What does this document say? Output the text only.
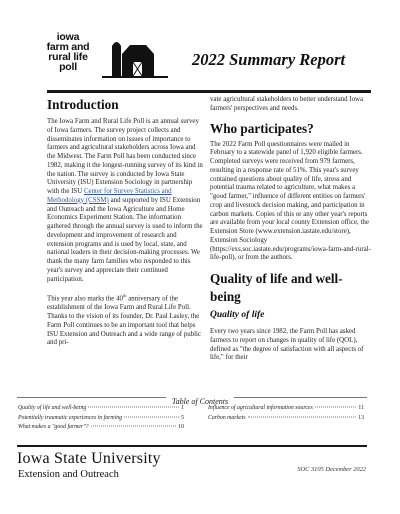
iowa
farm and
rural life
poll	2022 Summary Report
Introduction

The Iowa Farm and Rural Life Poll is an annual survey of Iowa farmers. The survey project collects and disseminates information on issues of importance to farmers and agricultural stakeholders across Iowa and the Midwest. The Farm Poll has been conducted since 1982, making it the longest-running survey of its kind in the nation. The survey is conducted by Iowa State University (ISU) Extension Sociology in partnership with the ISU Center for Survey Statistics and Methodology (CSSM) and supported by ISU Extension and Outreach and the Iowa Agriculture and Home Economics Experiment Station. The information gathered through the annual survey is used to inform the development and improvement of research and extension programs and is used by local, state, and national leaders in their decision-making processes. We thank the many farm families who responded to this year's survey and appreciate their continued participation.

This year also marks the 40th anniversary of the establishment of the Iowa Farm and Rural Life Poll. Thanks to the vision of its founder, Dr. Paul Lasley, the Farm Poll continues to be an important tool that helps ISU Extension and Outreach and a wide range of public and pri-

vate agricultural stakeholders to better understand Iowa farmers' perspectives and needs.

Who participates?

The 2022 Farm Poll questionnaires were mailed in February to a statewide panel of 1,920 eligible farmers. Completed surveys were received from 979 farmers, resulting in a response rate of 51%. This year's survey contained questions about quality of life, stress and potential trauma related to agriculture, what makes a "good farmer," influence of different entities on farmers' crop and livestock decision making, and participation in carbon markets. Copies of this or any other year's reports are available from your local county Extension office, the Extension Store (www.extension.iastate.edu/store), Extension Sociology (https://exs.soc.iastate.edu/programs/iowa-farm-and-rural-life-poll), or from the authors.

Quality of life and well-being
Quality of life

Every two years since 1982, the Farm Poll has asked farmers to report on changes in quality of life (QOL), defined as "the degree of satisfaction with all aspects of life," for their

Table of Contents
Quality of life and well-being	1
Potentially traumatic experiences in farming	5
What makes a "good farmer"?	10
Influence of agricultural information sources	11
Carbon markets	13
Iowa State University
Extension and Outreach	SOC 3105 December 2022
